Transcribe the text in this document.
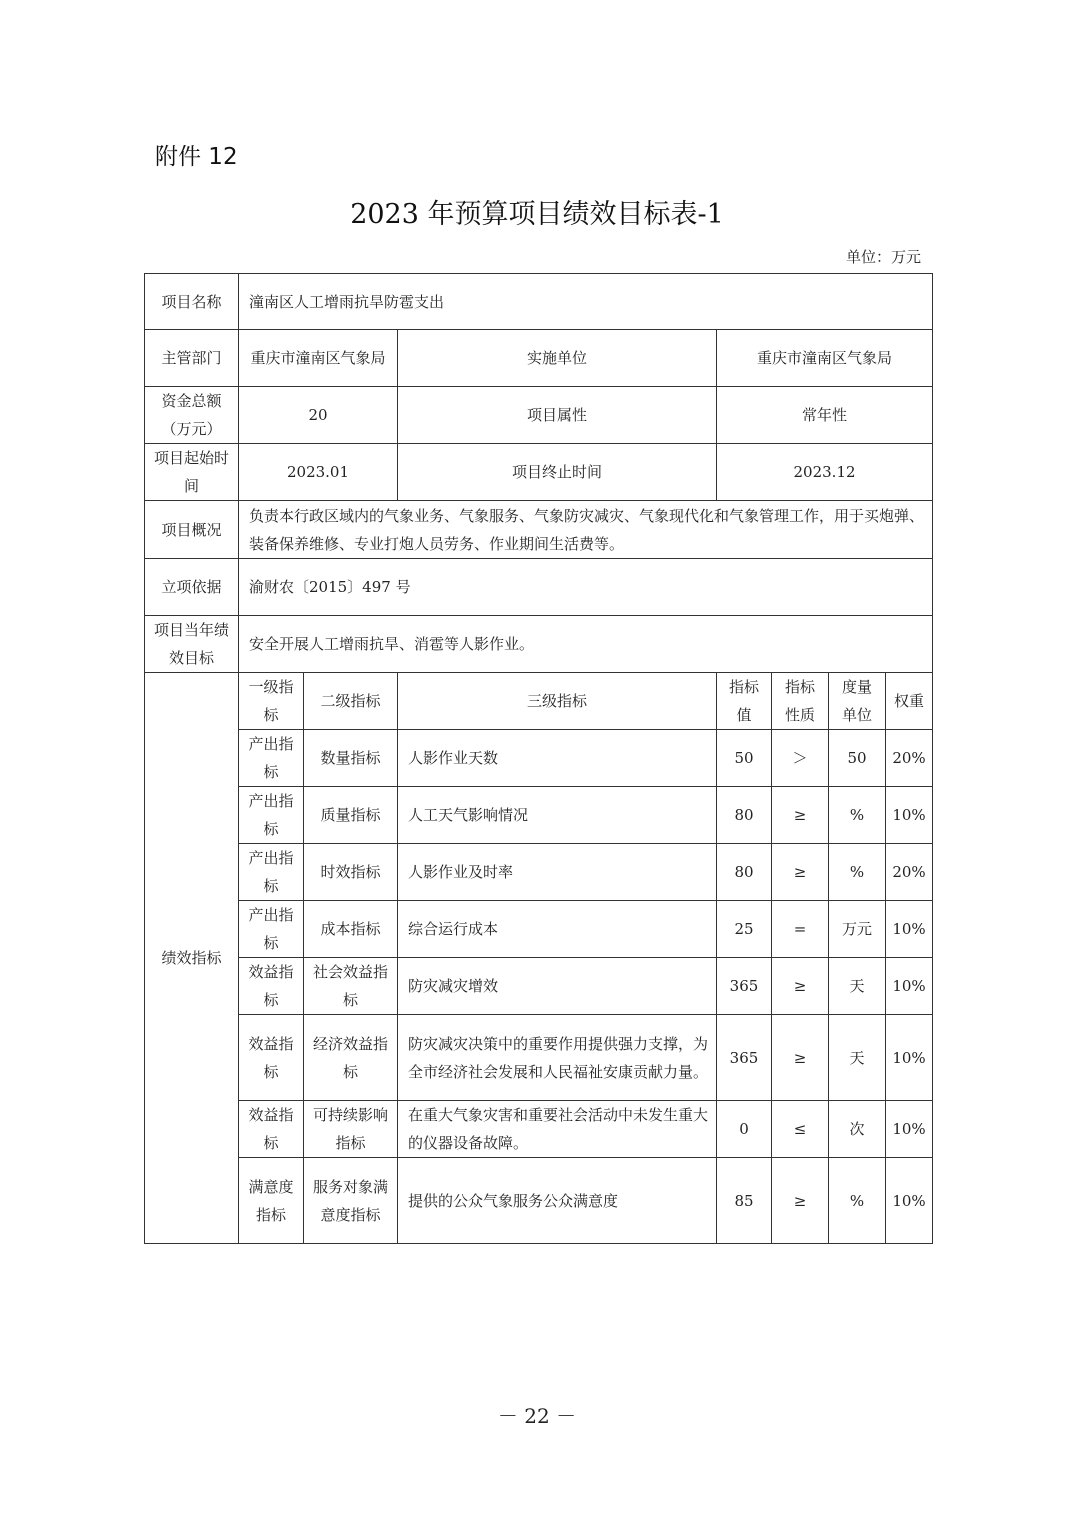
附件 12
2023 年预算项目绩效目标表-1
单位：万元
项目名称	潼南区人工增雨抗旱防雹支出						
主管部门	重庆市潼南区气象局		实施单位	重庆市潼南区气象局			
资金总额（万元）	20		项目属性	常年性			
项目起始时间	2023.01		项目终止时间	2023.12			
项目概况	负责本行政区域内的气象业务、气象服务、气象防灾减灾、气象现代化和气象管理工作，用于买炮弹、装备保养维修、专业打炮人员劳务、作业期间生活费等。						
立项依据	渝财农〔2015〕497 号						
项目当年绩效目标	安全开展人工增雨抗旱、消雹等人影作业。						
绩效指标	一级指标	二级指标	三级指标	指标值	指标性质	度量单位	权重
	产出指标	数量指标	人影作业天数	50	＞	50	20%
	产出指标	质量指标	人工天气影响情况	80	≥	%	10%
	产出指标	时效指标	人影作业及时率	80	≥	%	20%
	产出指标	成本指标	综合运行成本	25	=	万元	10%
	效益指标	社会效益指标	防灾减灾增效	365	≥	天	10%
	效益指标	经济效益指标	防灾减灾决策中的重要作用提供强力支撑，为全市经济社会发展和人民福祉安康贡献力量。	365	≥	天	10%
	效益指标	可持续影响指标	在重大气象灾害和重要社会活动中未发生重大的仪器设备故障。	0	≤	次	10%
	满意度指标	服务对象满意度指标	提供的公众气象服务公众满意度	85	≥	%	10%
－ 22 －
